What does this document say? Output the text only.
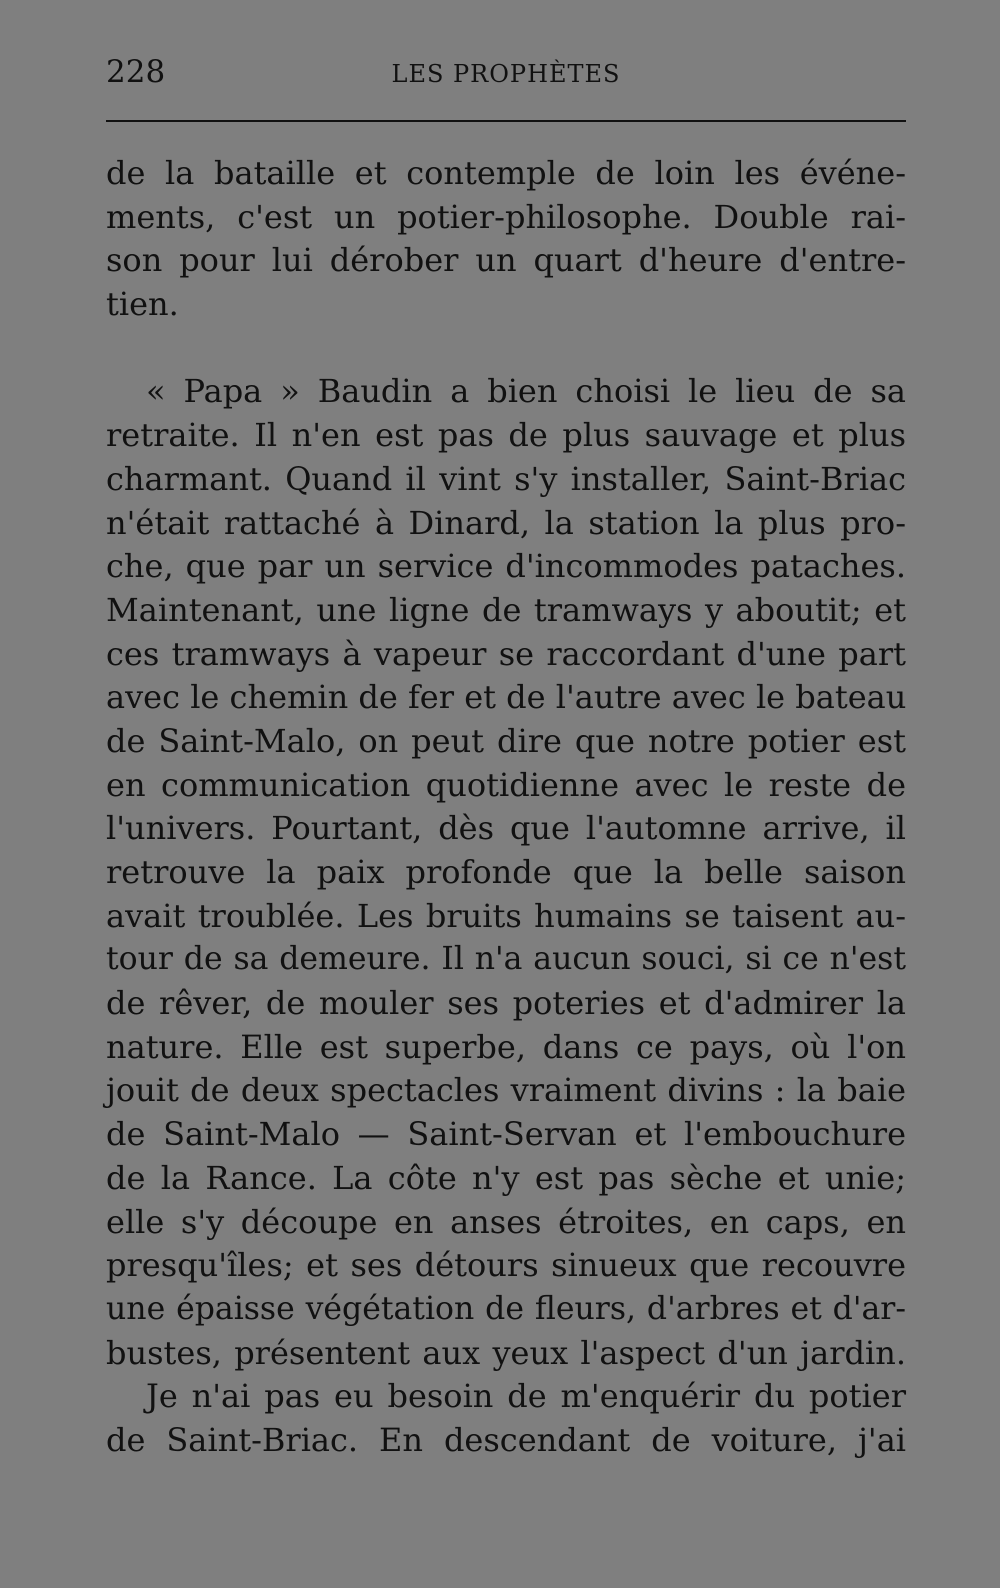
228	LES PROPHÈTES
de la bataille et contemple de loin les événe-
ments, c'est un potier-philosophe. Double rai-
son pour lui dérober un quart d'heure d'entre-
tien.
« Papa » Baudin a bien choisi le lieu de sa
retraite. Il n'en est pas de plus sauvage et plus
charmant. Quand il vint s'y installer, Saint-Briac
n'était rattaché à Dinard, la station la plus pro-
che, que par un service d'incommodes pataches.
Maintenant, une ligne de tramways y aboutit; et
ces tramways à vapeur se raccordant d'une part
avec le chemin de fer et de l'autre avec le bateau
de Saint-Malo, on peut dire que notre potier est
en communication quotidienne avec le reste de
l'univers. Pourtant, dès que l'automne arrive, il
retrouve la paix profonde que la belle saison
avait troublée. Les bruits humains se taisent au-
tour de sa demeure. Il n'a aucun souci, si ce n'est
de rêver, de mouler ses poteries et d'admirer la
nature. Elle est superbe, dans ce pays, où l'on
jouit de deux spectacles vraiment divins : la baie
de Saint-Malo — Saint-Servan et l'embouchure
de la Rance. La côte n'y est pas sèche et unie;
elle s'y découpe en anses étroites, en caps, en
presqu'îles; et ses détours sinueux que recouvre
une épaisse végétation de fleurs, d'arbres et d'ar-
bustes, présentent aux yeux l'aspect d'un jardin.
Je n'ai pas eu besoin de m'enquérir du potier
de Saint-Briac. En descendant de voiture, j'ai
